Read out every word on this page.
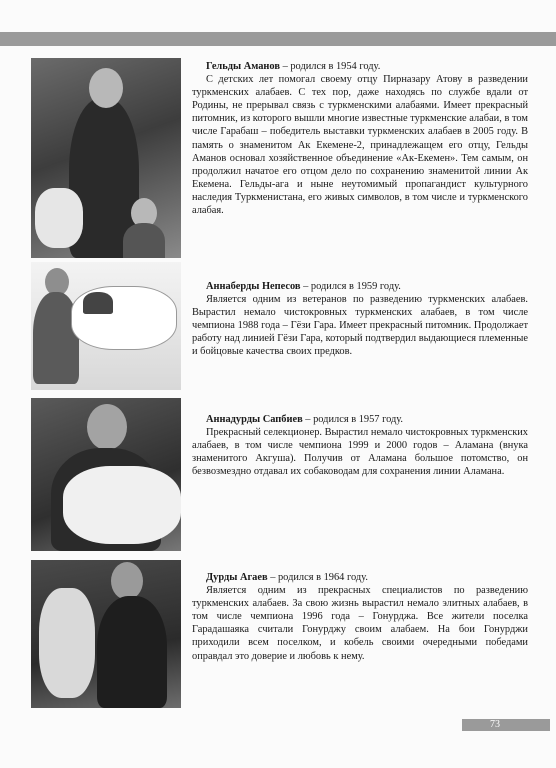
Гельды Аманов – родился в 1954 году.

С детских лет помогал своему отцу Пирназару Атову в разведении туркменских алабаев. С тех пор, даже находясь по службе вдали от Родины, не прерывал связь с туркменскими алабаями. Имеет прекрасный питомник, из которого вышли многие известные туркменские алабаи, в том числе Гарабаш – победитель выставки туркменских алабаев в 2005 году. В память о знаменитом Ак Екемене-2, принадлежащем его отцу, Гельды Аманов основал хозяйственное объединение «Ак-Екемен». Тем самым, он продолжил начатое его отцом дело по сохранению знаменитой линии Ак Екемена. Гельды-ага и ныне неутомимый пропагандист культурного наследия Туркменистана, его живых символов, в том числе и туркменского алабая.

Аннаберды Непесов – родился в 1959 году.

Является одним из ветеранов по разведению туркменских алабаев. Вырастил немало чистокровных туркменских алабаев, в том числе чемпиона 1988 года – Гёзи Гара. Имеет прекрасный питомник. Продолжает работу над линией Гёзи Гара, который подтвердил выдающиеся племенные и бойцовые качества своих предков.

Аннадурды Сапбиев – родился в 1957 году.

Прекрасный селекционер. Вырастил немало чистокровных туркменских алабаев, в том числе чемпиона 1999 и 2000 годов – Аламана (внука знаменитого Акгуша). Получив от Аламана большое потомство, он безвозмездно отдавал их собаководам для сохранения линии Аламана.

Дурды Агаев – родился в 1964 году.

Является одним из прекрасных специалистов по разведению туркменских алабаев. За свою жизнь вырастил немало элитных алабаев, в том числе чемпиона 1996 года – Гонурджа. Все жители поселка Гарадашаяка считали Гонурджу своим алабаем. На бои Гонурджи приходили всем поселком, и кобель своими очередными победами оправдал это доверие и любовь к нему.

73
